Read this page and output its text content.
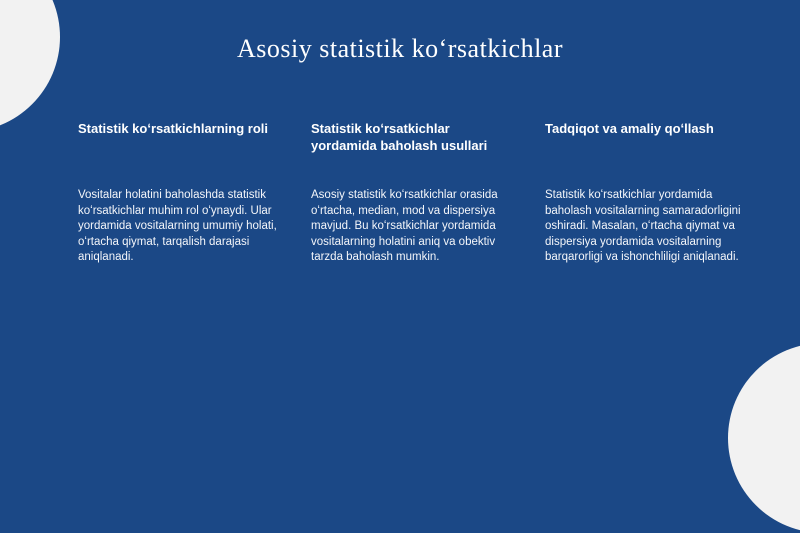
Asosiy statistik koʻrsatkichlar

Statistik koʻrsatkichlarning roli

Vositalar holatini baholashda statistik koʻrsatkichlar muhim rol oʻynaydi. Ular yordamida vositalarning umumiy holati, oʻrtacha qiymat, tarqalish darajasi aniqlanadi.

Statistik koʻrsatkichlar yordamida baholash usullari

Asosiy statistik koʻrsatkichlar orasida oʻrtacha, median, mod va dispersiya mavjud. Bu koʻrsatkichlar yordamida vositalarning holatini aniq va obektiv tarzda baholash mumkin.

Tadqiqot va amaliy qoʻllash

Statistik koʻrsatkichlar yordamida baholash vositalarning samaradorligini oshiradi. Masalan, oʻrtacha qiymat va dispersiya yordamida vositalarning barqarorligi va ishonchliligi aniqlanadi.
